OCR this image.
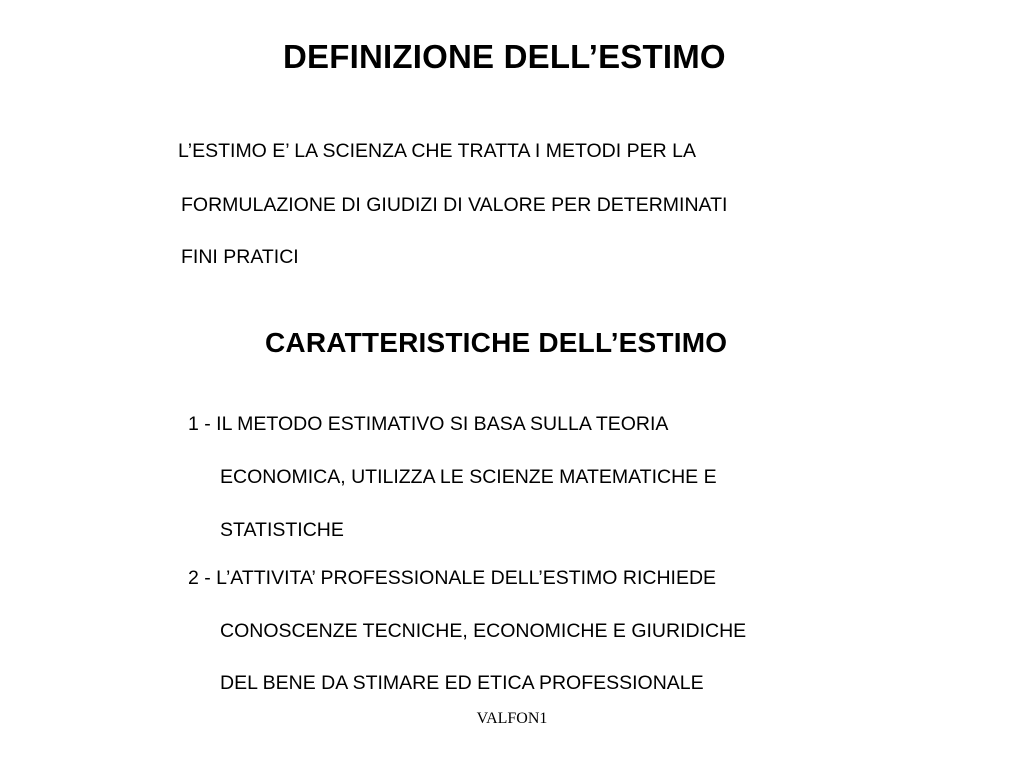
DEFINIZIONE DELL’ESTIMO

L’ESTIMO E’ LA SCIENZA CHE TRATTA I METODI PER LA

FORMULAZIONE DI GIUDIZI DI VALORE PER DETERMINATI

FINI PRATICI

CARATTERISTICHE DELL’ESTIMO

1 - IL METODO ESTIMATIVO SI BASA SULLA TEORIA

ECONOMICA, UTILIZZA LE SCIENZE MATEMATICHE E

STATISTICHE

2 - L’ATTIVITA’ PROFESSIONALE DELL’ESTIMO RICHIEDE

CONOSCENZE TECNICHE, ECONOMICHE E GIURIDICHE

DEL BENE DA STIMARE ED ETICA PROFESSIONALE

VALFON1
